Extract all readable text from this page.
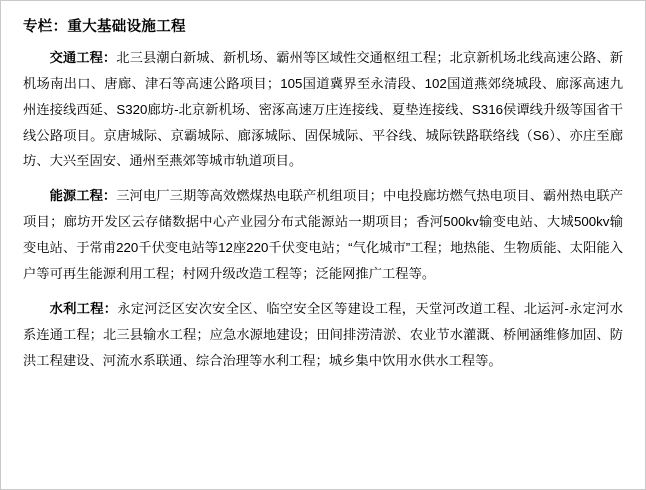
专栏：重大基础设施工程

交通工程：北三县潮白新城、新机场、霸州等区域性交通枢纽工程；北京新机场北线高速公路、新机场南出口、唐廊、津石等高速公路项目；105国道冀界至永清段、102国道燕郊绕城段、廊涿高速九州连接线西延、S320廊坊-北京新机场、密涿高速万庄连接线、夏垫连接线、S316侯谭线升级等国省干线公路项目。京唐城际、京霸城际、廊涿城际、固保城际、平谷线、城际铁路联络线（S6）、亦庄至廊坊、大兴至固安、通州至燕郊等城市轨道项目。

能源工程：三河电厂三期等高效燃煤热电联产机组项目；中电投廊坊燃气热电项目、霸州热电联产项目；廊坊开发区云存储数据中心产业园分布式能源站一期项目；香河500kv输变电站、大城500kv输变电站、于常甫220千伏变电站等12座220千伏变电站；“气化城市”工程；地热能、生物质能、太阳能入户等可再生能源利用工程；村网升级改造工程等；泛能网推广工程等。

水利工程：永定河泛区安次安全区、临空安全区等建设工程，天堂河改道工程、北运河-永定河水系连通工程；北三县输水工程；应急水源地建设；田间排涝清淤、农业节水灌溉、桥闸涵维修加固、防洪工程建设、河流水系联通、综合治理等水利工程；城乡集中饮用水供水工程等。
